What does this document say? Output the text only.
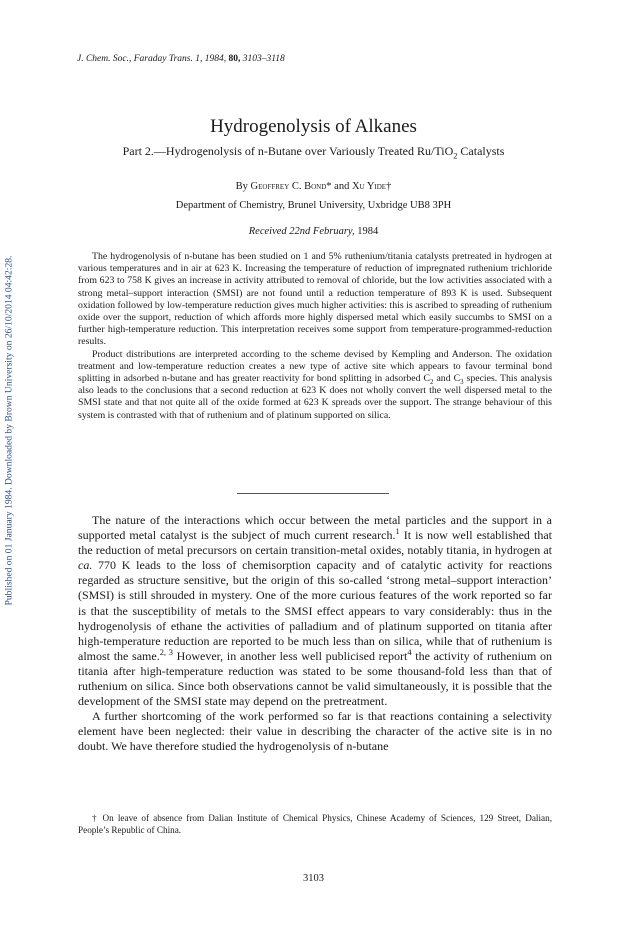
Published on 01 January 1984. Downloaded by Brown University on 26/10/2014 04:42:28.
J. Chem. Soc., Faraday Trans. 1, 1984, 80, 3103–3118
Hydrogenolysis of Alkanes
Part 2.—Hydrogenolysis of n-Butane over Variously Treated Ru/TiO$_2$ Catalysts
By Geoffrey C. Bond* and Xu Yide†
Department of Chemistry, Brunel University, Uxbridge UB8 3PH
Received 22nd February, 1984

The hydrogenolysis of n-butane has been studied on 1 and 5% ruthenium/titania catalysts pretreated in hydrogen at various temperatures and in air at 623 K. Increasing the temperature of reduction of impregnated ruthenium trichloride from 623 to 758 K gives an increase in activity attributed to removal of chloride, but the low activities associated with a strong metal–support interaction (SMSI) are not found until a reduction temperature of 893 K is used. Subsequent oxidation followed by low-temperature reduction gives much higher activities: this is ascribed to spreading of ruthenium oxide over the support, reduction of which affords more highly dispersed metal which easily succumbs to SMSI on a further high-temperature reduction. This interpretation receives some support from temperature-programmed-reduction results.

Product distributions are interpreted according to the scheme devised by Kempling and Anderson. The oxidation treatment and low-temperature reduction creates a new type of active site which appears to favour terminal bond splitting in adsorbed n-butane and has greater reactivity for bond splitting in adsorbed $C_2$ and $C_3$ species. This analysis also leads to the conclusions that a second reduction at 623 K does not wholly convert the well dispersed metal to the SMSI state and that not quite all of the oxide formed at 623 K spreads over the support. The strange behaviour of this system is contrasted with that of ruthenium and of platinum supported on silica.

The nature of the interactions which occur between the metal particles and the support in a supported metal catalyst is the subject of much current research.$^1$ It is now well established that the reduction of metal precursors on certain transition-metal oxides, notably titania, in hydrogen at ca. 770 K leads to the loss of chemisorption capacity and of catalytic activity for reactions regarded as structure sensitive, but the origin of this so-called ‘strong metal–support interaction’ (SMSI) is still shrouded in mystery. One of the more curious features of the work reported so far is that the susceptibility of metals to the SMSI effect appears to vary considerably: thus in the hydrogenolysis of ethane the activities of palladium and of platinum supported on titania after high-temperature reduction are reported to be much less than on silica, while that of ruthenium is almost the same.$^{2, 3}$ However, in another less well publicised report$^4$ the activity of ruthenium on titania after high-temperature reduction was stated to be some thousand-fold less than that of ruthenium on silica. Since both observations cannot be valid simultaneously, it is possible that the development of the SMSI state may depend on the pretreatment.

A further shortcoming of the work performed so far is that reactions containing a selectivity element have been neglected: their value in describing the character of the active site is in no doubt. We have therefore studied the hydrogenolysis of n-butane

† On leave of absence from Dalian Institute of Chemical Physics, Chinese Academy of Sciences, 129 Street, Dalian, People’s Republic of China.
3103
